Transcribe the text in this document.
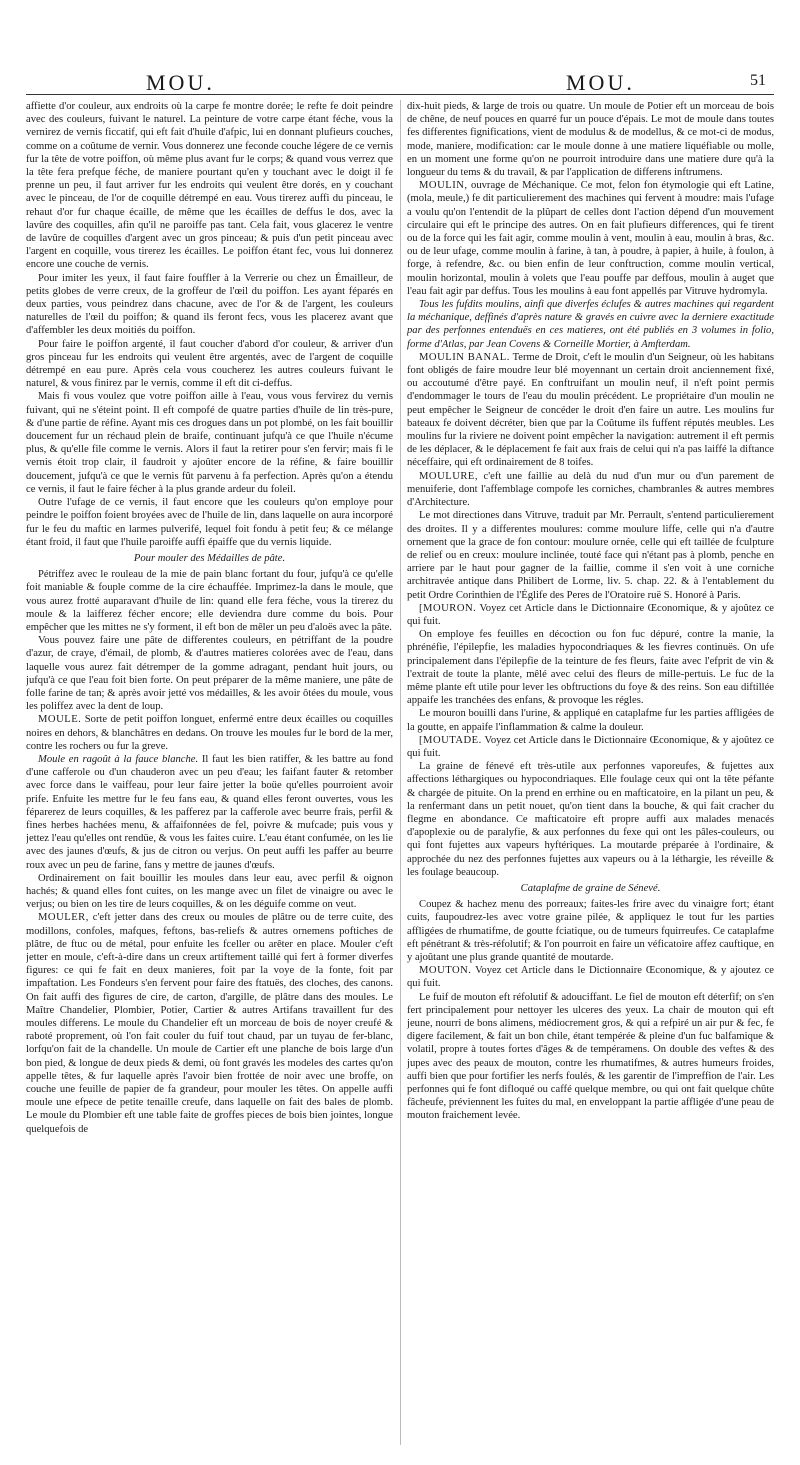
MOU.	MOU.	51

affiette d'or couleur, aux endroits où la carpe fe montre dorée; le refte fe doit peindre avec des couleurs, fuivant le naturel. La peinture de votre carpe étant féche, vous la vernirez de vernis ficcatif, qui eft fait d'huile d'afpic, lui en donnant plufieurs couches, comme on a coûtume de vernir. Vous donnerez une feconde couche légere de ce vernis fur la tête de votre poiffon, où même plus avant fur le corps; & quand vous verrez que la tête fera prefque féche, de maniere pourtant qu'en y touchant avec le doigt il fe prenne un peu, il faut arriver fur les endroits qui veulent être dorés, en y couchant avec le pinceau, de l'or de coquille détrempé en eau. Vous tirerez auffi du pinceau, le rehaut d'or fur chaque écaille, de même que les écailles de deffus le dos, avec la lavûre des coquilles, afin qu'il ne paroiffe pas tant. Cela fait, vous glacerez le ventre de lavûre de coquilles d'argent avec un gros pinceau; & puis d'un petit pinceau avec l'argent en coquille, vous tirerez les écailles. Le poiffon étant fec, vous lui donnerez encore une couche de vernis.

Pour imiter les yeux, il faut faire fouffler à la Verrerie ou chez un Émailleur, de petits globes de verre creux, de la groffeur de l'œil du poiffon. Les ayant féparés en deux parties, vous peindrez dans chacune, avec de l'or & de l'argent, les couleurs naturelles de l'œil du poiffon; & quand ils feront fecs, vous les placerez avant que d'affembler les deux moitiés du poiffon.

Pour faire le poiffon argenté, il faut coucher d'abord d'or couleur, & arriver d'un gros pinceau fur les endroits qui veulent être argentés, avec de l'argent de coquille détrempé en eau pure. Après cela vous coucherez les autres couleurs fuivant le naturel, & vous finirez par le vernis, comme il eft dit ci-deffus.

Mais fi vous voulez que votre poiffon aille à l'eau, vous vous fervirez du vernis fuivant, qui ne s'éteint point. Il eft compofé de quatre parties d'huile de lin très-pure, & d'une partie de réfine. Ayant mis ces drogues dans un pot plombé, on les fait bouillir doucement fur un réchaud plein de braife, continuant jufqu'à ce que l'huile n'écume plus, & qu'elle file comme le vernis. Alors il faut la retirer pour s'en fervir; mais fi le vernis étoit trop clair, il faudroit y ajoûter encore de la réfine, & faire bouillir doucement, jufqu'à ce que le vernis fût parvenu à fa perfection. Après qu'on a étendu ce vernis, il faut le faire fécher à la plus grande ardeur du foleil.

Outre l'ufage de ce vernis, il faut encore que les couleurs qu'on employe pour peindre le poiffon foient broyées avec de l'huile de lin, dans laquelle on aura incorporé fur le feu du maftic en larmes pulverifé, lequel foit fondu à petit feu; & ce mélange étant froid, il faut que l'huile paroiffe auffi épaiffe que du vernis liquide.

Pour mouler des Médailles de pâte.

Pétriffez avec le rouleau de la mie de pain blanc fortant du four, jufqu'à ce qu'elle foit maniable & fouple comme de la cire échauffée. Imprimez-la dans le moule, que vous aurez frotté auparavant d'huile de lin: quand elle fera féche, vous la tirerez du moule & la laifferez fécher encore; elle deviendra dure comme du bois. Pour empêcher que les mittes ne s'y forment, il eft bon de mêler un peu d'aloës avec la pâte.

Vous pouvez faire une pâte de differentes couleurs, en pétriffant de la poudre d'azur, de craye, d'émail, de plomb, & d'autres matieres colorées avec de l'eau, dans laquelle vous aurez fait détremper de la gomme adragant, pendant huit jours, ou jufqu'à ce que l'eau foit bien forte. On peut préparer de la même maniere, une pâte de folle farine de tan; & après avoir jetté vos médailles, & les avoir ôtées du moule, vous les poliffez avec la dent de loup.

MOULE. Sorte de petit poiffon longuet, enfermé entre deux écailles ou coquilles noires en dehors, & blanchâtres en dedans. On trouve les moules fur le bord de la mer, contre les rochers ou fur la greve.

Moule en ragoût à la fauce blanche. Il faut les bien ratiffer, & les battre au fond d'une cafferole ou d'un chauderon avec un peu d'eau; les faifant fauter & retomber avec force dans le vaiffeau, pour leur faire jetter la boüe qu'elles pourroient avoir prife. Enfuite les mettre fur le feu fans eau, & quand elles feront ouvertes, vous les féparerez de leurs coquilles, & les pafferez par la cafferole avec beurre frais, perfil & fines herbes hachées menu, & affaifonnées de fel, poivre & mufcade; puis vous y jettez l'eau qu'elles ont rendüe, & vous les faites cuire. L'eau étant confumée, on les lie avec des jaunes d'œufs, & jus de citron ou verjus. On peut auffi les paffer au beurre roux avec un peu de farine, fans y mettre de jaunes d'œufs.

Ordinairement on fait bouillir les moules dans leur eau, avec perfil & oignon hachés; & quand elles font cuites, on les mange avec un filet de vinaigre ou avec le verjus; ou bien on les tire de leurs coquilles, & on les déguife comme on veut.

MOULER, c'eft jetter dans des creux ou moules de plâtre ou de terre cuite, des modillons, confoles, mafques, feftons, bas-reliefs & autres ornemens poftiches de plâtre, de ftuc ou de métal, pour enfuite les fceller ou arêter en place. Mouler c'eft jetter en moule, c'eft-à-dire dans un creux artiftement taillé qui fert à former diverfes figures: ce qui fe fait en deux manieres, foit par la voye de la fonte, foit par impaftation. Les Fondeurs s'en fervent pour faire des ftatuës, des cloches, des canons. On fait auffi des figures de cire, de carton, d'argille, de plâtre dans des moules. Le Maître Chandelier, Plombier, Potier, Cartier & autres Artifans travaillent fur des moules differens. Le moule du Chandelier eft un morceau de bois de noyer creufé & raboté proprement, où l'on fait couler du fuif tout chaud, par un tuyau de fer-blanc, lorfqu'on fait de la chandelle. Un moule de Cartier eft une planche de bois large d'un bon pied, & longue de deux pieds & demi, où font gravés les modeles des cartes qu'on appelle têtes, & fur laquelle après l'avoir bien frottée de noir avec une broffe, on couche une feuille de papier de fa grandeur, pour mouler les têtes. On appelle auffi moule une efpece de petite tenaille creufe, dans laquelle on fait des bales de plomb. Le moule du Plombier eft une table faite de groffes pieces de bois bien jointes, longue quelquefois de

dix-huit pieds, & large de trois ou quatre. Un moule de Potier eft un morceau de bois de chêne, de neuf pouces en quarré fur un pouce d'épais. Le mot de moule dans toutes fes differentes fignifications, vient de modulus & de modellus, & ce mot-ci de modus, mode, maniere, modification: car le moule donne à une matiere liquéfiable ou molle, en un moment une forme qu'on ne pourroit introduire dans une matiere dure qu'à la longueur du tems & du travail, & par l'application de differens inftrumens.

MOULIN, ouvrage de Méchanique. Ce mot, felon fon étymologie qui eft Latine, (mola, meule,) fe dit particulierement des machines qui fervent à moudre: mais l'ufage a voulu qu'on l'entendit de la plûpart de celles dont l'action dépend d'un mouvement circulaire qui eft le principe des autres. On en fait plufieurs differences, qui fe tirent ou de la force qui les fait agir, comme moulin à vent, moulin à eau, moulin à bras, &c. ou de leur ufage, comme moulin à farine, à tan, à poudre, à papier, à huile, à foulon, à forge, à refendre, &c. ou bien enfin de leur conftruction, comme moulin vertical, moulin horizontal, moulin à volets que l'eau pouffe par deffous, moulin à auget que l'eau fait agir par deffus. Tous les moulins à eau font appellés par Vitruve hydromyla.

Tous les fufdits moulins, ainfi que diverfes éclufes & autres machines qui regardent la méchanique, deffinés d'après nature & gravés en cuivre avec la derniere exactitude par des perfonnes entenduës en ces matieres, ont été publiés en 3 volumes in folio, forme d'Atlas, par Jean Covens & Corneille Mortier, à Amfterdam.

MOULIN BANAL. Terme de Droit, c'eft le moulin d'un Seigneur, où les habitans font obligés de faire moudre leur blé moyennant un certain droit anciennement fixé, ou accoutumé d'être payé. En conftruifant un moulin neuf, il n'eft point permis d'endommager le tours de l'eau du moulin précédent. Le propriétaire d'un moulin ne peut empêcher le Seigneur de concéder le droit d'en faire un autre. Les moulins fur bateaux fe doivent décréter, bien que par la Coûtume ils fuffent réputés meubles. Les moulins fur la riviere ne doivent point empêcher la navigation: autrement il eft permis de les déplacer, & le déplacement fe fait aux frais de celui qui n'a pas laiffé la diftance néceffaire, qui eft ordinairement de 8 toifes.

MOULURE, c'eft une faillie au delà du nud d'un mur ou d'un parement de menuiferie, dont l'affemblage compofe les corniches, chambranles & autres membres d'Architecture.

Le mot directiones dans Vitruve, traduit par Mr. Perrault, s'entend particulierement des droites. Il y a differentes moulures: comme moulure liffe, celle qui n'a d'autre ornement que la grace de fon contour: moulure ornée, celle qui eft taillée de fculpture de relief ou en creux: moulure inclinée, touté face qui n'étant pas à plomb, penche en arriere par le haut pour gagner de la faillie, comme il s'en voit à une corniche architravée antique dans Philibert de Lorme, liv. 5. chap. 22. & à l'entablement du petit Ordre Corinthien de l'Églife des Peres de l'Oratoire ruë S. Honoré à Paris.

[MOURON. Voyez cet Article dans le Dictionnaire Œconomique, & y ajoûtez ce qui fuit.

On employe fes feuilles en décoction ou fon fuc dépuré, contre la manie, la phrénéfie, l'épilepfie, les maladies hypocondriaques & les fievres continuës. On ufe principalement dans l'épilepfie de la teinture de fes fleurs, faite avec l'efprit de vin & l'extrait de toute la plante, mêlé avec celui des fleurs de mille-pertuis. Le fuc de la même plante eft utile pour lever les obftructions du foye & des reins. Son eau diftillée appaife les tranchées des enfans, & provoque les régles.

Le mouron bouilli dans l'urine, & appliqué en cataplafme fur les parties affligées de la goutte, en appaife l'inflammation & calme la douleur.

[MOUTADE. Voyez cet Article dans le Dictionnaire Œconomique, & y ajoûtez ce qui fuit.

La graine de fénevé eft très-utile aux perfonnes vaporeufes, & fujettes aux affections léthargiques ou hypocondriaques. Elle foulage ceux qui ont la tête péfante & chargée de pituite. On la prend en errhine ou en mafticatoire, en la pilant un peu, & la renfermant dans un petit nouet, qu'on tient dans la bouche, & qui fait cracher du flegme en abondance. Ce mafticatoire eft propre auffi aux malades menacés d'apoplexie ou de paralyfie, & aux perfonnes du fexe qui ont les pâles-couleurs, ou qui font fujettes aux vapeurs hyftériques. La moutarde préparée à l'ordinaire, & approchée du nez des perfonnes fujettes aux vapeurs ou à la léthargie, les réveille & les foulage beaucoup.

Cataplafme de graine de Sénevé.

Coupez & hachez menu des porreaux; faites-les frire avec du vinaigre fort; étant cuits, faupoudrez-les avec votre graine pilée, & appliquez le tout fur les parties affligées de rhumatifme, de goutte fciatique, ou de tumeurs fquirreufes. Ce cataplafme eft pénétrant & très-réfolutif; & l'on pourroit en faire un véficatoire affez cauftique, en y ajoûtant une plus grande quantité de moutarde.

MOUTON. Voyez cet Article dans le Dictionnaire Œconomique, & y ajoutez ce qui fuit.

Le fuif de mouton eft réfolutif & adouciffant. Le fiel de mouton eft déterfif; on s'en fert principalement pour nettoyer les ulceres des yeux. La chair de mouton qui eft jeune, nourri de bons alimens, médiocrement gros, & qui a refpiré un air pur & fec, fe digere facilement, & fait un bon chile, étant tempérée & pleine d'un fuc balfamique & volatil, propre à toutes fortes d'âges & de tempéramens. On double des veftes & des jupes avec des peaux de mouton, contre les rhumatifmes, & autres humeurs froides, auffi bien que pour fortifier les nerfs foulés, & les garentir de l'impreffion de l'air. Les perfonnes qui fe font difloqué ou caffé quelque membre, ou qui ont fait quelque chûte fâcheufe, préviennent les fuites du mal, en enveloppant la partie affligée d'une peau de mouton fraichement levée.
